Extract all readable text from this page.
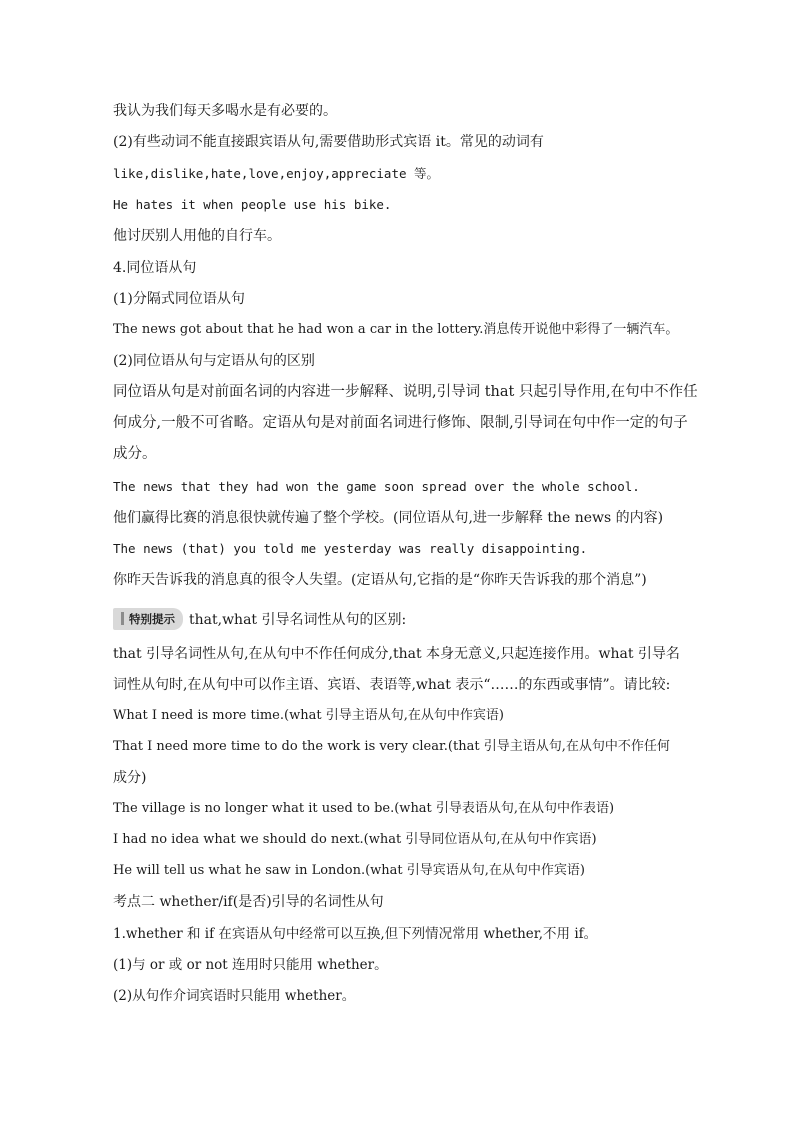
我认为我们每天多喝水是有必要的。
(2)有些动词不能直接跟宾语从句,需要借助形式宾语 it。常见的动词有
like,dislike,hate,love,enjoy,appreciate 等。
He hates it when people use his bike.
他讨厌别人用他的自行车。
4.同位语从句
(1)分隔式同位语从句
The news got about that he had won a car in the lottery.消息传开说他中彩得了一辆汽车。
(2)同位语从句与定语从句的区别
同位语从句是对前面名词的内容进一步解释、说明,引导词 that 只起引导作用,在句中不作任
何成分,一般不可省略。定语从句是对前面名词进行修饰、限制,引导词在句中作一定的句子
成分。
The news that they had won the game soon spread over the whole school.
他们赢得比赛的消息很快就传遍了整个学校。(同位语从句,进一步解释 the news 的内容)
The news (that) you told me yesterday was really disappointing.
你昨天告诉我的消息真的很令人失望。(定语从句,它指的是“你昨天告诉我的那个消息”)
特别提示 that,what 引导名词性从句的区别:
that 引导名词性从句,在从句中不作任何成分,that 本身无意义,只起连接作用。what 引导名
词性从句时,在从句中可以作主语、宾语、表语等,what 表示“……的东西或事情”。请比较:
What I need is more time.(what 引导主语从句,在从句中作宾语)
That I need more time to do the work is very clear.(that 引导主语从句,在从句中不作任何
成分)
The village is no longer what it used to be.(what 引导表语从句,在从句中作表语)
I had no idea what we should do next.(what 引导同位语从句,在从句中作宾语)
He will tell us what he saw in London.(what 引导宾语从句,在从句中作宾语)
考点二 whether/if(是否)引导的名词性从句
1.whether 和 if 在宾语从句中经常可以互换,但下列情况常用 whether,不用 if。
(1)与 or 或 or not 连用时只能用 whether。
(2)从句作介词宾语时只能用 whether。
